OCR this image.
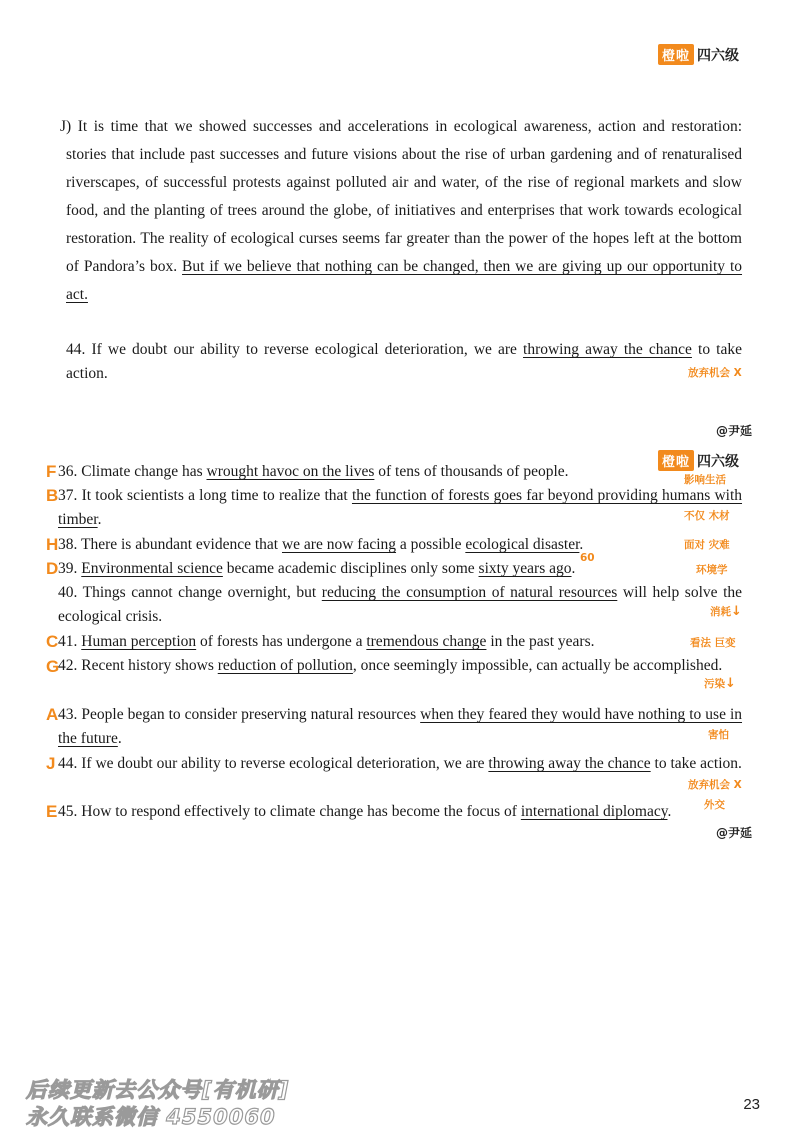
橙啦 四六级
J) It is time that we showed successes and accelerations in ecological awareness, action and restoration: stories that include past successes and future visions about the rise of urban gardening and of renaturalised riverscapes, of successful protests against polluted air and water, of the rise of regional markets and slow food, and the planting of trees around the globe, of initiatives and enterprises that work towards ecological restoration. The reality of ecological curses seems far greater than the power of the hopes left at the bottom of Pandora’s box. But if we believe that nothing can be changed, then we are giving up our opportunity to act.
44. If we doubt our ability to reverse ecological deterioration, we are throwing away the chance to take action.	放弃机会 X
@尹延
橙啦 四六级
F 36. Climate change has wrought havoc on the lives of tens of thousands of people.	影响生活
B 37. It took scientists a long time to realize that the function of forests goes far beyond providing humans with timber.	不仅 木材
H 38. There is abundant evidence that we are now facing a possible ecological disaster.	面对 灾难
60
D 39. Environmental science became academic disciplines only some sixty years ago.	环境学
40. Things cannot change overnight, but reducing the consumption of natural resources will help solve the ecological crisis.	消耗↓
C 41. Human perception of forests has undergone a tremendous change in the past years.	看法 巨变
G
42. Recent history shows reduction of pollution, once seemingly impossible, can actually be accomplished.
污染↓
A 43. People began to consider preserving natural resources when they feared they would have nothing to use in the future.	害怕
J 44. If we doubt our ability to reverse ecological deterioration, we are throwing away the chance to take action.
放弃机会 X
外交
E 45. How to respond effectively to climate change has become the focus of international diplomacy.
@尹延
后续更新去公众号[有机研]
永久联系微信 4550060
23
